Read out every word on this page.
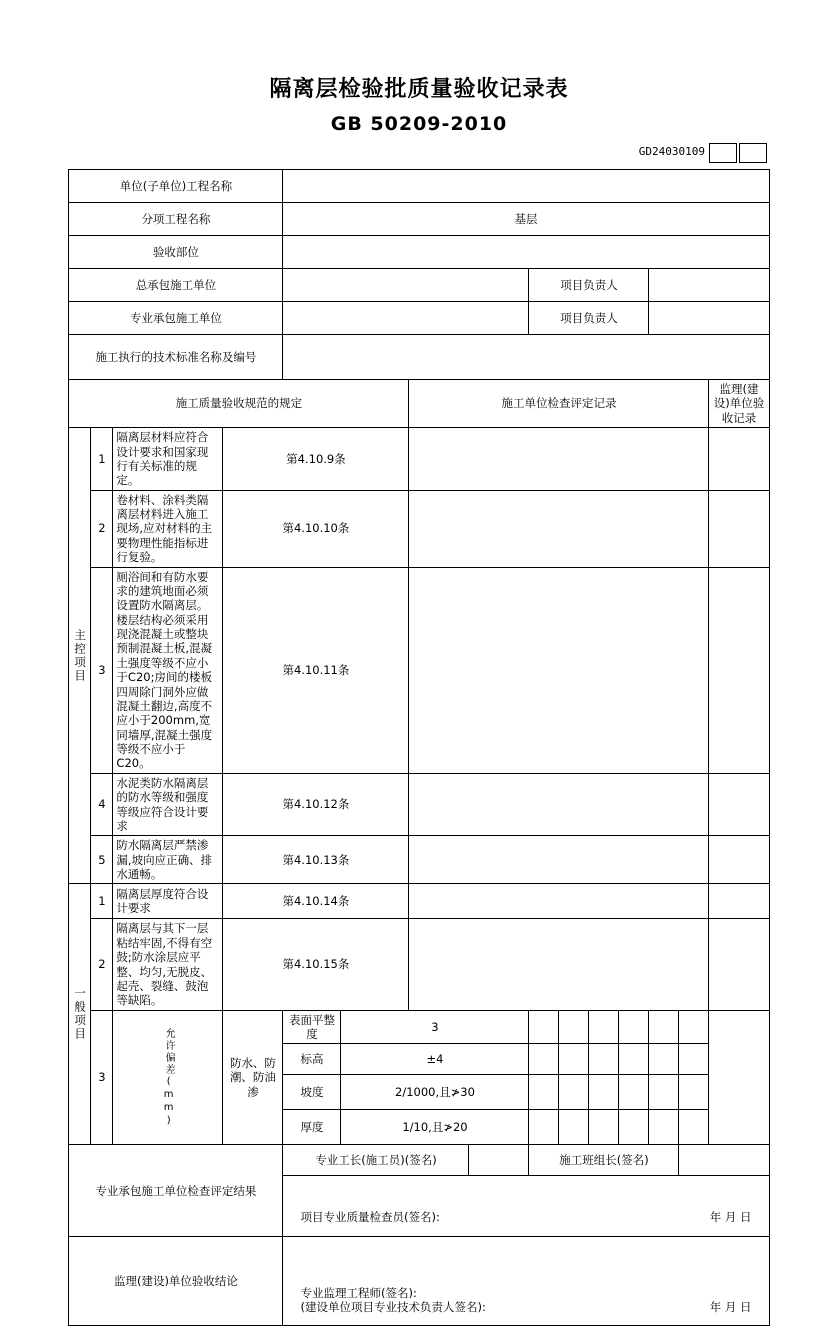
隔离层检验批质量验收记录表
GB 50209-2010
GD24030109
单位(子单位)工程名称														
分项工程名称				基层										
验收部位														
总承包施工单位								项目负责人						
专业承包施工单位								项目负责人						
施工执行的技术标准名称及编号														
施工质量验收规范的规定						施工单位检查评定记录								监理(建设)单位验收记录

主控项目	1	隔离层材料应符合设计要求和国家现行有关标准的规定。	第4.10.9条											
	2	卷材料、涂料类隔离层材料进入施工现场,应对材料的主要物理性能指标进行复验。	第4.10.10条											
	3	厕浴间和有防水要求的建筑地面必须设置防水隔离层。楼层结构必须采用现浇混凝土或整块预制混凝土板,混凝土强度等级不应小于C20;房间的楼板四周除门洞外应做混凝土翻边,高度不应小于200mm,宽同墙厚,混凝土强度等级不应小于C20。	第4.10.11条											
	4	水泥类防水隔离层的防水等级和强度等级应符合设计要求	第4.10.12条											
	5	防水隔离层严禁渗漏,坡向应正确、排水通畅。	第4.10.13条											

一般项目	1	隔离层厚度符合设计要求	第4.10.14条											
	2	隔离层与其下一层粘结牢固,不得有空鼓;防水涂层应平整、均匀,无脱皮、起壳、裂缝、鼓泡等缺陷。	第4.10.15条											
	3	允许偏差(mm)	防水、防潮、防油渗	表面平整度	3									
				标高	±4									
				坡度	2/1000,且≯30									
				厚度	1/10,且≯20									
专业承包施工单位检查评定结果				专业工长(施工员)(签名)				施工班组长(签名)						

				项目专业质量检查员(签名): 年 月 日										

监理(建设)单位验收结论				专业监理工程师(签名):
(建设单位项目专业技术负责人签名): 年 月 日										
